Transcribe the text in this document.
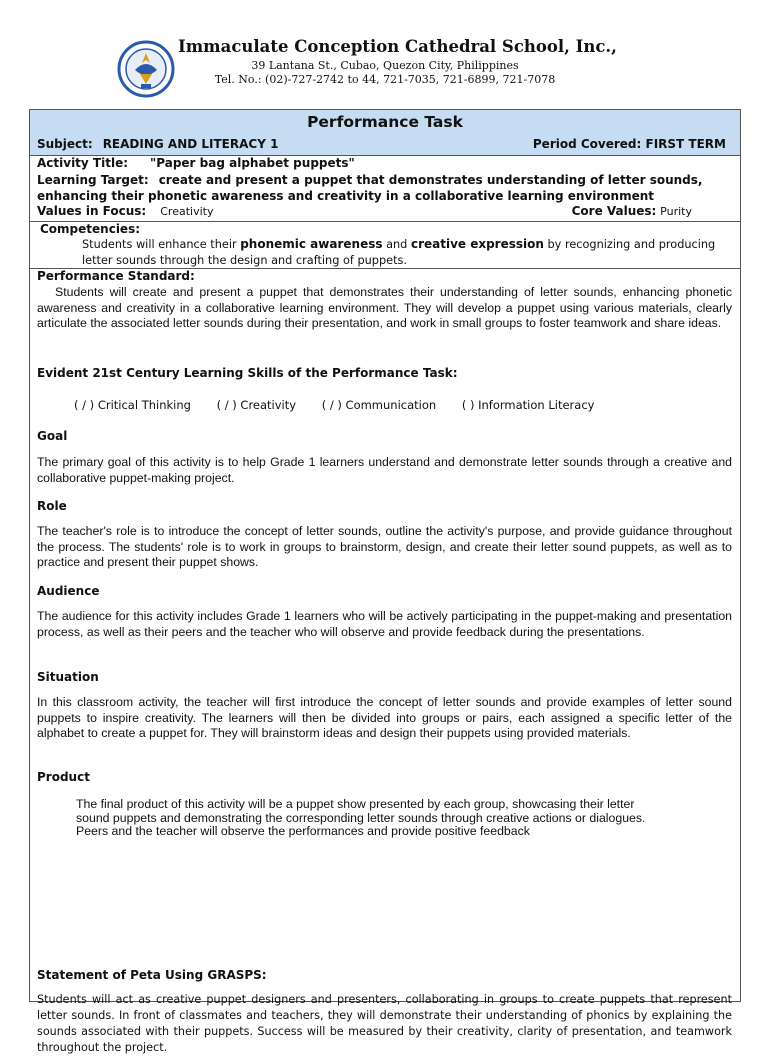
Immaculate Conception Cathedral School, Inc.,
39 Lantana St., Cubao, Quezon City, Philippines
Tel. No.: (02)-727-2742 to 44, 721-7035, 721-6899, 721-7078
Performance Task
Subject: READING AND LITERACY 1	Period Covered: FIRST TERM
Activity Title: "Paper bag alphabet puppets"
Learning Target: create and present a puppet that demonstrates understanding of letter sounds, enhancing their phonetic awareness and creativity in a collaborative learning environment
Values in Focus: Creativity	Core Values: Purity
Competencies:
Students will enhance their phonemic awareness and creative expression by recognizing and producing letter sounds through the design and crafting of puppets.
Performance Standard:
Students will create and present a puppet that demonstrates their understanding of letter sounds, enhancing phonetic awareness and creativity in a collaborative learning environment. They will develop a puppet using various materials, clearly articulate the associated letter sounds during their presentation, and work in small groups to foster teamwork and share ideas.
Evident 21st Century Learning Skills of the Performance Task:
( / ) Critical Thinking ( / ) Creativity ( / ) Communication ( ) Information Literacy
Goal
The primary goal of this activity is to help Grade 1 learners understand and demonstrate letter sounds through a creative and collaborative puppet-making project.
Role
The teacher's role is to introduce the concept of letter sounds, outline the activity's purpose, and provide guidance throughout the process. The students' role is to work in groups to brainstorm, design, and create their letter sound puppets, as well as to practice and present their puppet shows.
Audience
The audience for this activity includes Grade 1 learners who will be actively participating in the puppet-making and presentation process, as well as their peers and the teacher who will observe and provide feedback during the presentations.
Situation
In this classroom activity, the teacher will first introduce the concept of letter sounds and provide examples of letter sound puppets to inspire creativity. The learners will then be divided into groups or pairs, each assigned a specific letter of the alphabet to create a puppet for. They will brainstorm ideas and design their puppets using provided materials.
Product

The final product of this activity will be a puppet show presented by each group, showcasing their letter

sound puppets and demonstrating the corresponding letter sounds through creative actions or dialogues.

Peers and the teacher will observe the performances and provide positive feedback

Statement of Peta Using GRASPS:
Students will act as creative puppet designers and presenters, collaborating in groups to create puppets that represent letter sounds. In front of classmates and teachers, they will demonstrate their understanding of phonics by explaining the sounds associated with their puppets. Success will be measured by their creativity, clarity of presentation, and teamwork throughout the project.
